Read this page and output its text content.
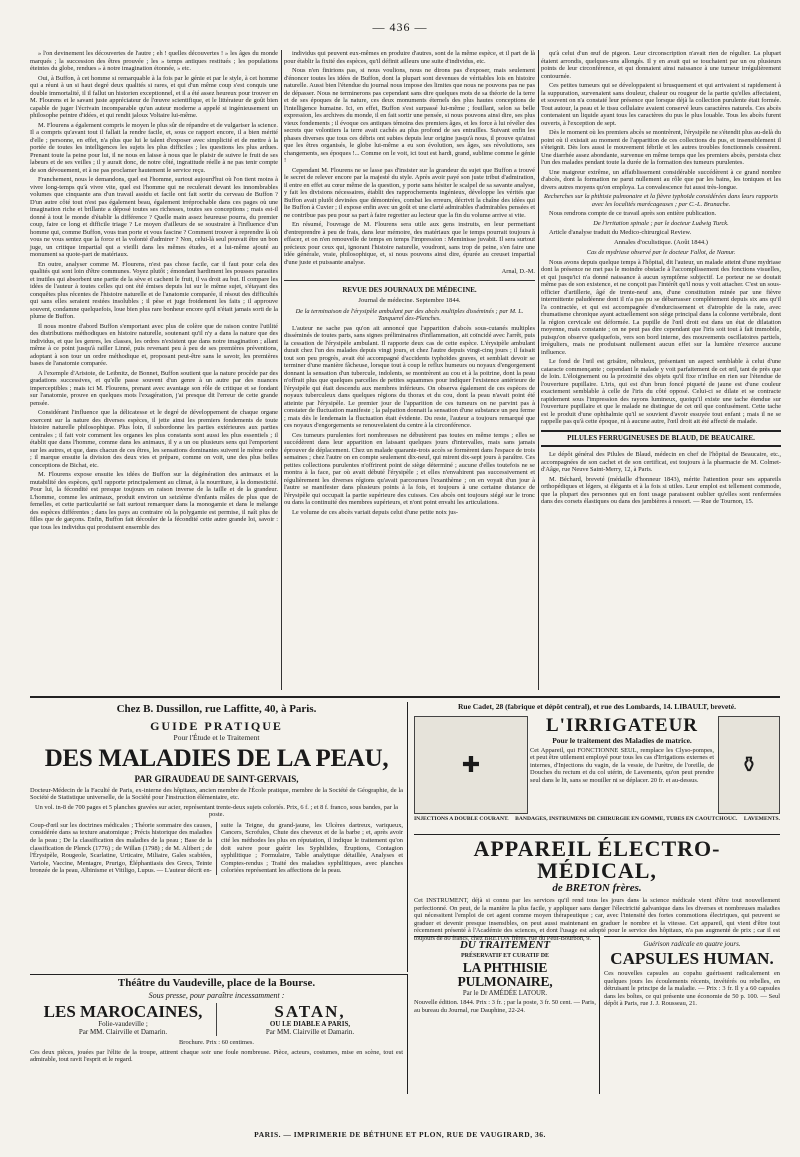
— 436 —

» l'on devinement les découvertes de l'autre ; eh ! quelles découvertes ! » les âges du monde marqués ; la succession des êtres prouvée ; les » temps antiques restitués ; les populations éteintes du globe, rendues » à notre imagination étonnée, » etc.

Oui, à Buffon, à cet homme si remarquable à la fois par le génie et par le style, à cet homme qui a réuni à un si haut degré deux qualités si rares, et qui d'un même coup s'est conquis une double immortalité, il il fallut un historien exceptionnel, et il a été assez heureux pour trouver en M. Flourens et le savant juste appréciateur de l'œuvre scientifique, et le littérateur de goût bien capable de juger l'écrivain incomparable qu'un auteur moderne a appelé si ingénieusement un philosophe peintre d'idées, et qui rendit jaloux Voltaire lui-même.

M. Flourens a également compris le moyen le plus sûr de répandre et de vulgariser la science. Il a compris qu'avant tout il fallait la rendre facile, et, sous ce rapport encore, il a bien mérité d'elle ; personne, en effet, n'a plus que lui le talent d'exposer avec simplicité et de mettre à la portée de toutes les intelligences les sujets les plus difficiles ; les questions les plus ardues. Prenant toute la peine pour lui, il ne nous en laisse à nous que le plaisir de suivre le fruit de ses labeurs et de ses veilles ; il y aurait donc, de notre côté, ingratitude réelle à ne pas tenir compte de son dévouement, et à ne pas proclamer hautement le service reçu.

Franchement, nous le demandons, quel est l'homme, surtout aujourd'hui où l'on tient moins à vivre long-temps qu'à vivre vite, quel est l'homme qui ne reculerait devant les innombrables volumes que cinquante ans d'un travail assidu et facile ont fait sortir du cerveau de Buffon ? D'un autre côté tout n'est pas également beau, également irréprochable dans ces pages où une imagination riche et brillante a déposé toutes ses richesses, toutes ses conceptions ; mais est-il donné à tout le monde d'établir la différence ? Quelle main assez heureuse pourra, du premier coup, faire ce long et difficile triage ? Le moyen d'ailleurs de se soustraire à l'influence d'un homme qui, comme Buffon, vous tran porte et vous fascine ? Comment trouver à reprendre là où vous ne vous sentez que la force et la volonté d'admirer ? Non, celui-là seul pouvait être un bon juge, un critique impartial qui a vieilli dans les mêmes études, et a lui-même ajouté au monument sa quote-part de matériaux.

En outre, analyser comme M. Flourens, n'est pas chose facile, car il faut pour cela des qualités qui sont loin d'être communes. Voyez plutôt ; émondant hardiment les pousses parasites et inutiles qui absorbent une partie de la sève et cachent le fruit, il va droit au but. Il compare les idées de l'auteur à toutes celles qui ont été émises depuis lui sur le même sujet, s'étayant des conquêtes plus récentes de l'histoire naturelle et de l'anatomie comparée, il résout des difficultés qui sans elles seraient restées insolubles ; il pèse et juge froidement les faits ; il approuve souvent, condamne quelquefois, loue bien plus rare bonheur encore qu'il n'était jamais sorti de la plume de Buffon.

Il nous montre d'abord Buffon s'emportant avec plus de colère que de raison contre l'utilité des distributions méthodiques en histoire naturelle, soutenant qu'il n'y a dans la nature que des individus, et que les genres, les classes, les ordres n'existent que dans notre imagination ; allant même à ce point jusqu'à railler Linné, puis revenant peu à peu de ses premières préventions, adoptant à son tour un ordre méthodique et, proposant peut-être sans le savoir, les premières bases de l'anatomie comparée.

A l'exemple d'Aristote, de Leibnitz, de Bonnet, Buffon soutient que la nature procède par des gradations successives, et qu'elle passe souvent d'un genre à un autre par des nuances imperceptibles ; mais ici M. Flourens, prenant avec avantage son rôle de critique et se fondant sur l'anatomie, prouve en quelques mots l'exagération, j'ai presque dit l'erreur de cette grande pensée.

Considérant l'influence que la délicatesse et le degré de développement de chaque organe exercent sur la nature des diverses espèces, il jette ainsi les premiers fondements de toute histoire naturelle philosophique. Plus loin, il subordonne les parties extérieures aux parties centrales ; il fait voir comment les organes les plus constants sont aussi les plus essentiels ; il établit que dans l'homme, comme dans les animaux, il y a un ou plusieurs sens qui l'emportent sur les autres, et que, dans chacun de ces êtres, les sensations dominantes suivent le même ordre ; il marque ensuite la division des deux vies et prépare, comme on voit, une des plus belles conceptions de Bichat, etc.

M. Flourens expose ensuite les idées de Buffon sur la dégénération des animaux et la mutabilité des espèces, qu'il rapporte principalement au climat, à la nourriture, à la domesticité. Pour lui, la fécondité est presque toujours en raison inverse de la taille et de la grandeur. L'homme, comme les animaux, produit environ un seizième d'enfants mâles de plus que de femelles, et cette particularité se fait surtout remarquer dans la monogamie et dans le mélange des espèces différentes ; dans les pays au contraire où la polygamie est permise, il naît plus de filles que de garçons. Enfin, Buffon fait découler de la fécondité cette autre grande loi, savoir : que tous les individus qui produisent ensemble des

individus qui peuvent eux-mêmes en produire d'autres, sont de la même espèce, et il part de là pour établir la fixité des espèces, qu'il définit ailleurs une suite d'individus, etc.

Nous n'en finirions pas, si nous voulions, nous ne dirons pas d'exposer, mais seulement d'énoncer toutes les idées de Buffon, dont la plupart sont devenues de véritables lois en histoire naturelle. Aussi bien l'étendue du journal nous impose des limites que nous ne pouvons pas ne pas de dépasser. Nous ne terminerons pas cependant sans dire quelques mots de sa théorie de la terre et de ses époques de la nature, ces deux monuments éternels des plus hautes conceptions de l'intelligence humaine. Ici, en effet, Buffon s'est surpassé lui-même ; fouillant, selon sa belle expression, les archives du monde, il en fait sortir une pensée, si nous pouvons ainsi dire, ses plus vieux fondements ; il évoque ces antiques témoins des premiers âges, et les force à lui révéler des secrets que volontiers la terre avait cachés au plus profond de ses entrailles. Suivant enfin les phases diverses que tous ces débris ont subies depuis leur origine jusqu'à nous, il prouve qu'ainsi que les êtres organisés, le globe lui-même a eu son évolution, ses âges, ses révolutions, ses changements, ses époques !... Comme on le voit, ici tout est hardi, grand, sublime comme le génie !

Cependant M. Flourens ne se lasse pas d'insister sur la grandeur du sujet que Buffon a trouvé le secret de relever encore par la majesté du style. Après avoir payé son juste tribut d'admiration, il entre en effet au cœur même de la question, y porte sans hésiter le scalpel de sa savante analyse, y fait les divisions nécessaires, établit des rapprochements ingénieux, développe les vérités que Buffon avait plutôt devinées que démontrées, combat les erreurs, décrivit la chaîne des idées qui lie Buffon à Cuvier ; il expose enfin avec un goût et une clarté admirables d'admirables pensées et ne contribue pas peu pour sa part à faire regretter au lecteur que la fin du volume arrive si vite.

En résumé, l'ouvrage de M. Flourens sera utile aux gens instruits, en leur permettant d'entreprendre à peu de frais, dans leur mémoire, des matériaux que le temps pourrait toujours à effacer, et on n'en renouvelle de temps en temps l'impression : Meminisse juvabit. Il sera surtout précieux pour ceux qui, ignorant l'histoire naturelle, voudront, sans trop de peine, s'en faire une idée générale, vraie, philosophique, et, si nous pouvons ainsi dire, épurée au creuset impartial d'une juste et puissante analyse.

Arnal, D.-M.

REVUE DES JOURNAUX DE MÉDECINE.

Journal de médecine. Septembre 1844.

De la terminaison de l'érysipèle ambulant par des abcès multiples disséminés ; par M. L. Tanquerel des-Planches.

L'auteur ne sache pas qu'on ait annoncé que l'apparition d'abcès sous-cutanés multiples disséminés de toutes parts, sans signes préliminaires d'inflammation, ait coïncidé avec l'arrêt, puis la cessation de l'érysipèle ambulant. Il rapporte deux cas de cette espèce. L'érysipèle ambulant durait chez l'un des malades depuis vingt jours, et chez l'autre depuis vingt-cinq jours ; il faisait tout son peu progrès, avait été accompagné d'accidents typhoïdes graves, et semblait devoir se terminer d'une manière fâcheuse, lorsque tout à coup le reflux humeurs ou noyaux d'engorgement donnant la sensation d'un tubercule, indolents, se montrèrent au cou et à la poitrine, dont la peau n'offrait plus que quelques parcelles de petites squammes pour indiquer l'existence antérieure de l'érysipèle qui était descendu aux membres inférieurs. On observa également de ces espèces de noyaux tuberculeux dans quelques régions du thorax et du cou, dont la peau n'avait point été atteinte par l'érysipèle. Le premier jour de l'apparition de ces tumeurs on ne parvint pas à constater de fluctuation manifeste ; la palpation donnait la sensation d'une substance un peu ferme ; mais dès le lendemain la fluctuation était évidente. Du reste, l'auteur a toujours remarqué que ces noyaux d'engorgements se renouvelaient du centre à la circonférence.

Ces tumeurs purulentes fort nombreuses ne débutèrent pas toutes en même temps ; elles se succédèrent dans leur apparition en laissant quelques jours d'intervalles, mais sans jamais éprouver de déplacement. Chez un malade quarante-trois accès se formèrent dans l'espace de trois semaines ; chez l'autre on en compte seulement dix-neuf, qui mirent dix-sept jours à paraître. Ces petites collections purulentes n'offrirent point de siège déterminé ; aucune d'elles toutefois ne se montra à la face, par où avait débuté l'érysipèle ; et elles n'envahirent pas successivement et régulièrement les diverses régions qu'avait parcourues l'exanthème ; on en voyait d'un jour à l'autre se manifester dans plusieurs points à la fois, et toujours à une certaine distance de l'érysipèle qui occupait la partie supérieure des cuisses. Ces abcès ont toujours siégé sur le tronc ou dans la continuité des membres supérieurs, et n'ont point envahi les articulations.

Le volume de ces abcès variait depuis celui d'une petite noix jus-

qu'à celui d'un œuf de pigeon. Leur circonscription n'avait rien de régulier. La plupart étaient arrondis, quelques-uns allongés. Il y en avait qui se touchaient par un ou plusieurs points de leur circonférence, et qui donnaient ainsi naissance à une tumeur irrégulièrement contournée.

Ces petites tumeurs qui se développaient si brusquement et qui arrivaient si rapidement à la suppuration, survenaient sans douleur, chaleur ou rougeur de la partie qu'elles affectaient, et souvent on n'a constaté leur présence que lorsque déjà la collection purulente était formée. Tout autour, la peau et le tissu cellulaire avaient conservé leurs caractères naturels. Ces abcès contenaient un liquide ayant tous les caractères du pus le plus louable. Tous les abcès furent ouverts, à l'exception de sept.

Dès le moment où les premiers abcès se montrèrent, l'érysipèle ne s'étendit plus au-delà du point où il existait au moment de l'apparition de ces collections du pus, et insensiblement il s'éteignit. Dès lors aussi le mouvement fébrile et les autres troubles fonctionnels cessèrent. Une diarrhée assez abondante, survenue en même temps que les premiers abcès, persista chez l'un des malades pendant toute la durée de la formation des tumeurs purulentes.

Une maigreur extrême, un affaiblissement considérable succédèrent à ce grand nombre d'abcès, dont la formation ne parut nullement au rôle que par les bains, les toniques et les divers autres moyens qu'on employa. La convalescence fut aussi très-longue.

Recherches sur la phthisie pulmonaire et la fièvre typhoïde considérées dans leurs rapports avec les localités marécageuses ; par C.-L. Brunache.

Nous rendrons compte de ce travail après son entière publication.

De l'irritation spinale ; par le docteur Ludwig Turck.

Article d'analyse traduit du Medico-chirurgical Review.

Annales d'oculistique. (Août 1844.)

Cas de mydriase observé par le docteur Fallot, de Namur.

Nous avons depuis quelque temps à l'hôpital, dit l'auteur, un malade atteint d'une mydriase dont la présence ne met pas le moindre obstacle à l'accomplissement des fonctions visuelles, et qui jusqu'ici n'a donné naissance à aucun symptôme subjectif. Le porteur ne se doutait même pas de son existence, et ne conçoit pas l'intérêt qu'il nous y voit attacher. C'est un sous-officier d'artillerie, âgé de trente-neuf ans, d'une constitution minée par une fièvre intermittente paludéenne dont il n'a pas pu se débarrasser complètement depuis six ans qu'il l'a contractée, et qui est accompagnée d'endurcissement et d'atrophie de la rate, avec rhumatisme chronique ayant actuellement son siège principal dans la colonne vertébrale, dont la région cervicale est déformée. La pupille de l'œil droit est dans un état de dilatation moyenne, mais constante ; on ne peut pas dire cependant que l'iris soit tout à fait immobile, puisqu'on observe quelquefois, vers son bord interne, des mouvements oscillatoires partiels, irréguliers, mais ne produisant nullement aucun effet sur la lumière n'exerce aucune influence.

Le fond de l'œil est grisâtre, nébuleux, présentant un aspect semblable à celui d'une cataracte commençante ; cependant le malade y voit parfaitement de cet œil, tant de près que de loin. L'éloignement ou la proximité des objets qu'il fixe n'influe en rien sur l'étendue de l'ouverture pupillaire. L'iris, qui est d'un brun foncé piqueté de jaune est d'une couleur exactement semblable à celle de l'iris du côté opposé. Celui-ci se dilate et se contracte rapidement sous l'impression des rayons lumineux, quoiqu'il existe une tache étendue sur l'ouverture pupillaire et que le malade ne distingue de cet œil que confusément. Cette tache est le produit d'une ophthalmie qu'il se souvient d'avoir essuyée tout enfant ; mais il ne se rappelle pas qu'à cette époque, ni à aucune autre, l'œil droit ait été affecté de malade.

PILULES FERRUGINEUSES DE BLAUD, DE BEAUCAIRE.

Le dépôt général des Pilules de Blaud, médecin en chef de l'hôpital de Beaucaire, etc., accompagnées de son cachet et de son certificat, est toujours à la pharmacie de M. Colmet-d'Aâge, rue Neuve Saint-Merry, 12, à Paris.

M. Béchard, breveté (médaille d'honneur 1843), mérite l'attention pour ses appareils orthopédiques et légers, si élégants et à la fois si utiles. Leur emploi est tellement commode, que la plupart des personnes qui en font usage paraissent oublier qu'elles sont renfermées dans des corsets élastiques ou dans des jambières à ressort. — Rue de Tournon, 15.

Chez B. Dussillon, rue Laffitte, 40, à Paris.
GUIDE PRATIQUE
Pour l'Étude et le Traitement
DES MALADIES DE LA PEAU,
PAR GIRAUDEAU DE SAINT-GERVAIS,

Docteur-Médecin de la Faculté de Paris, ex-interne des hôpitaux, ancien membre de l'École pratique, membre de la Société de Géographie, de la Société de Statistique universelle, de la Société pour l'instruction élémentaire, etc.

Un vol. in-8 de 700 pages et 5 planches gravées sur acier, représentant trente-deux sujets coloriés. Prix, 6 f. ; et 8 f. franco, sous bandes, par la poste.

Coup-d'œil sur les doctrines médicales ; Théorie sommaire des causes, considérée dans sa texture anatomique ; Précis historique des maladies de la peau ; De la classification des maladies de la peau ; Base de la classification de Plenck (1776) ; de Willan (1798) ; de M. Alibert ; de l'Érysipèle, Rougeole, Scarlatine, Urticaire, Miliaire, Gales scabiées, Variole, Vaccine, Mentagre, Prurigo, Éléphantiasis des Grecs, Teinte bronzée de la peau, Albinisme et Vitiligo, Lupus. — L'auteur décrit en-

suite la Teigne, du grand-jaune, les Ulcères dartreux, variqueux, Cancers, Scrofules, Chute des cheveux et de la barbe ; et, après avoir cité les méthodes les plus en réputation, il indique le traitement qu'on doit suivre pour guérir les Syphilides, Éruptions, Contagion syphilitique ; Formulaire, Table analytique détaillée, Analyses et Comptes-rendus ; Traité des maladies syphilitiques, avec planches coloriées représentant les affections de la peau.

Théâtre du Vaudeville, place de la Bourse.
Sous presse, pour paraître incessamment :
LES MAROCAINES,
Folie-vaudeville ;
Par MM. Clairville et Damarin.
SATAN,
OU LE DIABLE A PARIS,
Par MM. Clairville et Damarin.

Brochure. Prix : 60 centimes.

Ces deux pièces, jouées par l'élite de la troupe, attirent chaque soir une foule nombreuse. Pièce, acteurs, costumes, mise en scène, tout est admirable, tout ravit l'esprit et le regard.

Rue Cadet, 28 (fabrique et dépôt central), et rue des Lombards, 14. LIBAULT, breveté.
✚	⚱
L'IRRIGATEUR
Pour le traitement des Maladies de matrice.

Cet Appareil, qui FONCTIONNE SEUL, remplace les Clyso-pompes, et peut être utilement employé pour tous les cas d'Irrigations externes et internes, d'Injections du vagin, de la vessie, de l'urètre, de l'oreille, de Douches du rectum et du col utérin, de Lavements, qu'on peut prendre seul dans le lit, sans se mouiller ni se déplacer. 20 fr. et au-dessus.

INJECTIONS A DOUBLE COURANT. BANDAGES, INSTRUMENS DE CHIRURGIE EN GOMME, TUBES EN CAOUTCHOUC. LAVEMENTS.
APPAREIL ÉLECTRO-MÉDICAL,
de BRETON frères.

Cet INSTRUMENT, déjà si connu par les services qu'il rend tous les jours dans la science médicale vient d'être tout nouvellement perfectionné. On peut, de la manière la plus facile, y appliquer sans danger l'électricité galvanique dans les diverses et nombreuses maladies qui nécessitent l'emploi de cet agent comme moyen thérapeutique ; car, avec l'intensité des fortes commotions électriques, qui peuvent se graduer et devenir presque insensibles, on peut aussi maintenant en graduer le nombre et la vitesse. Cet appareil, qui vient d'être tout récemment présenté à l'Académie des sciences, et dont l'usage est adopté pour le service des hôpitaux, n'a pas augmenté de prix ; car il est toujours de 80 francs, chez BRETON frères, rue du Petit-Bourbon, 9.

DU TRAITEMENT
PRÉSERVATIF ET CURATIF DE
LA PHTHISIE PULMONAIRE,
Par le Dr AMÉDÉE LATOUR.

Nouvelle édition. 1844. Prix : 3 fr. ; par la poste, 3 fr. 50 cent. — Paris, au bureau du Journal, rue Dauphine, 22-24.

Guérison radicale en quatre jours.
CAPSULES HUMAN.

Ces nouvelles capsules au copahu guérissent radicalement en quelques jours les écoulements récents, invétérés ou rebelles, en détruisant le principe de la maladie. — Prix : 3 fr. Il y a 60 capsules dans les boîtes, ce qui présente une économie de 50 p. 100. — Seul dépôt à Paris, rue J. J. Rousseau, 21.

PARIS. — IMPRIMERIE DE BÉTHUNE ET PLON, RUE DE VAUGIRARD, 36.
